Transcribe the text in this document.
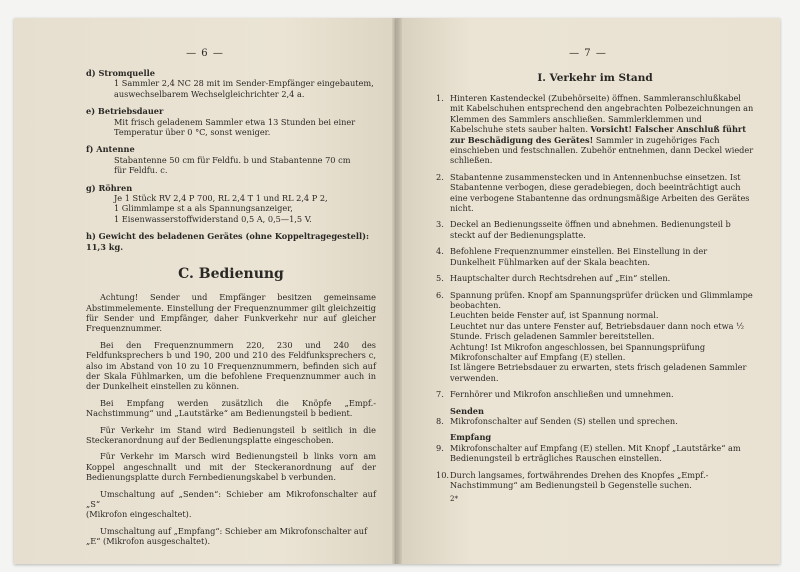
— 6 —
d) Stromquelle
1 Sammler 2,4 NC 28 mit im Sender-Empfänger eingebautem,
auswechselbarem Wechselgleichrichter 2,4 a.
e) Betriebsdauer
Mit frisch geladenem Sammler etwa 13 Stunden bei einer
Temperatur über 0 °C, sonst weniger.
f) Antenne
Stabantenne 50 cm für Feldfu. b und Stabantenne 70 cm
für Feldfu. c.
g) Röhren
Je 1 Stück RV 2,4 P 700, RL 2,4 T 1 und RL 2,4 P 2,
1 Glimmlampe st a als Spannungsanzeiger,
1 Eisenwasserstoffwiderstand 0,5 A, 0,5—1,5 V.
h) Gewicht des beladenen Gerätes (ohne Koppeltragegestell): 11,3 kg.
C. Bedienung
Achtung! Sender und Empfänger besitzen gemeinsame Abstimmelemente. Einstellung der Frequenznummer gilt gleichzeitig für Sender und Empfänger, daher Funkverkehr nur auf gleicher Frequenznummer.
Bei den Frequenznummern 220, 230 und 240 des Feldfunksprechers b und 190, 200 und 210 des Feldfunksprechers c, also im Abstand von 10 zu 10 Frequenznummern, befinden sich auf der Skala Fühlmarken, um die befohlene Frequenznummer auch in der Dunkelheit einstellen zu können.
Bei Empfang werden zusätzlich die Knöpfe „Empf.-Nachstimmung“ und „Lautstärke“ am Bedienungsteil b bedient.
Für Verkehr im Stand wird Bedienungsteil b seitlich in die Steckeranordnung auf der Bedienungsplatte eingeschoben.
Für Verkehr im Marsch wird Bedienungsteil b links vorn am Koppel angeschnallt und mit der Steckeranordnung auf der Bedienungsplatte durch Fernbedienungskabel b verbunden.
Umschaltung auf „Senden“: Schieber am Mikrofonschalter auf „S“
(Mikrofon eingeschaltet).
Umschaltung auf „Empfang“: Schieber am Mikrofonschalter auf
„E“ (Mikrofon ausgeschaltet).
— 7 —
I. Verkehr im Stand
1. Hinteren Kastendeckel (Zubehörseite) öffnen. Sammleranschlußkabel mit Kabelschuhen entsprechend den angebrachten Polbezeichnungen an Klemmen des Sammlers anschließen. Sammlerklemmen und Kabelschuhe stets sauber halten. Vorsicht! Falscher Anschluß führt zur Beschädigung des Gerätes! Sammler in zugehöriges Fach einschieben und festschnallen. Zubehör entnehmen, dann Deckel wieder schließen.
2. Stabantenne zusammenstecken und in Antennenbuchse einsetzen. Ist Stabantenne verbogen, diese geradebiegen, doch beeinträchtigt auch eine verbogene Stabantenne das ordnungsmäßige Arbeiten des Gerätes nicht.
3. Deckel an Bedienungsseite öffnen und abnehmen. Bedienungsteil b steckt auf der Bedienungsplatte.
4. Befohlene Frequenznummer einstellen. Bei Einstellung in der Dunkelheit Fühlmarken auf der Skala beachten.
5. Hauptschalter durch Rechtsdrehen auf „Ein“ stellen.
6. Spannung prüfen. Knopf am Spannungsprüfer drücken und Glimmlampe beobachten.
Leuchten beide Fenster auf, ist Spannung normal.
Leuchtet nur das untere Fenster auf, Betriebsdauer dann noch etwa ½ Stunde. Frisch geladenen Sammler bereitstellen.
Achtung! Ist Mikrofon angeschlossen, bei Spannungsprüfung Mikrofonschalter auf Empfang (E) stellen.
Ist längere Betriebsdauer zu erwarten, stets frisch geladenen Sammler verwenden.
7. Fernhörer und Mikrofon anschließen und umnehmen.
Senden
8. Mikrofonschalter auf Senden (S) stellen und sprechen.
Empfang
9. Mikrofonschalter auf Empfang (E) stellen. Mit Knopf „Lautstärke“ am Bedienungsteil b erträgliches Rauschen einstellen.
10. Durch langsames, fortwährendes Drehen des Knopfes „Empf.-Nachstimmung“ am Bedienungsteil b Gegenstelle suchen.
2*
